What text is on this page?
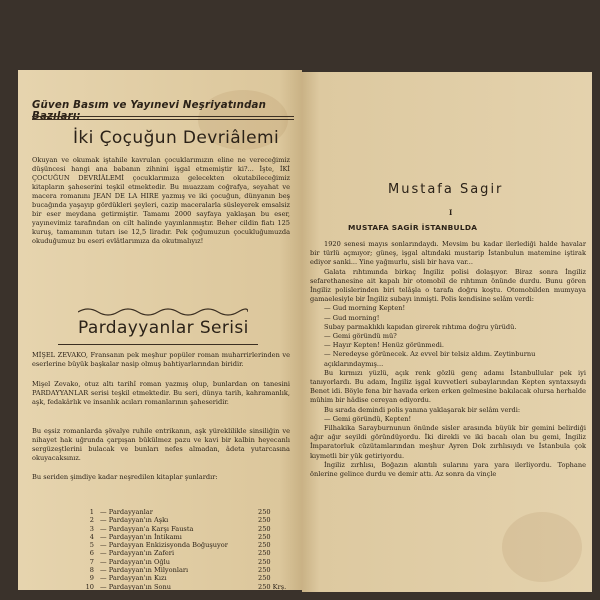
Güven Basım ve Yayınevi Neşriyatından Bazıları:
İki Çoçuğun Devriâlemi

Okuyan ve okumak iştahile kavrulan çocuklarımızın eline ne vereceğimiz düşüncesi hangi ana babanın zihnini işgal etmemiştir ki?... İşte, İKİ ÇOCUĞUN DEVRİÂLEMİ çocuklarımıza gelecekten okutabileceğimiz kitapların şaheserini teşkil etmektedir. Bu muazzam coğrafya, seyahat ve macera romanını JEAN DE LA HIRE yazmış ve iki çocuğun, dünyanın beş bucağında yaşayıp gördükleri şeyleri, cazip maceralarla süsleyerek emsalsiz bir eser meydana getirmiştir. Tamamı 2000 sayfaya yaklaşan bu eser, yayınevimiz tarafından on cilt halinde yayınlanmıştır. Beher cildin fiatı 125 kuruş, tamamının tutarı ise 12,5 liradır. Pek çoğumuzun çocukluğumuzda okuduğumuz bu eseri evlâtlarımıza da okutmalıyız!

Pardayyanlar Serisi

MİŞEL ZEVAKO, Fransanın pek meşhur popüler roman muharrirlerinden ve eserlerine büyük başkalar nasip olmuş bahtiyarlarından biridir.

Mişel Zevako, otuz altı tarihî roman yazmış olup, bunlardan on tanesini PARDAYYANLAR serisi teşkil etmektedir. Bu seri, dünya tarih, kahramanlık, aşk, fedakârlık ve insanlık acıları romanlarının şaheseridir.

Bu eşsiz romanlarda şövalye ruhile entrikanın, aşk yüreklilikle sinsiliğin ve nihayet hak uğrunda çarpışan bükülmez pazu ve kavi bir kalbin heyecanlı sergüzeştlerini bulacak ve bunları nefes almadan, âdeta yutarcasına okuyacaksınız.

Bu seriden şimdiye kadar neşredilen kitaplar şunlardır:

1 — Pardayyanlar	250
2 — Pardayyan'ın Aşkı	250
3 — Pardayyan'a Karşı Fausta	250
4 — Pardayyan'ın İntikamı	250
5 — Pardayyan Enkizisyonda Boğuşuyor	250
6 — Pardayyan'ın Zaferi	250
7 — Pardayyan'ın Oğlu	250
8 — Pardayyan'ın Milyonları	250
9 — Pardayyan'ın Kızı	250
10 — Pardayyan'ın Sonu	250 Krş.
Mustafa Sagir
I
MUSTAFA SAGİR İSTANBULDA

1920 senesi mayıs sonlarındaydı. Mevsim bu kadar ilerlediği halde havalar bir türlü açmıyor; güneş, işgal altındaki mustarip İstanbulun matemine iştirak ediyor sanki... Yine yağmurlu, sisli bir hava var...

Galata rıhtımında birkaç İngiliz polisi dolaşıyor. Biraz sonra İngiliz sefarethanesine ait kapalı bir otomobil de rıhtımın önünde durdu. Bunu gören İngiliz polislerinden biri telâşla o tarafa doğru koştu. Otomobilden mumyaya gamaelesiyle bir İngiliz subayı inmişti. Polis kendisine selâm verdi:

— Gud morning Kepten!

— Gud morning!

Subay parmaklıklı kapıdan girerek rıhtıma doğru yürüdü.

— Gemi göründü mü?

— Hayır Kepten! Henüz görünmedi.

— Neredeyse görünecek. Az evvel bir telsiz aldım. Zeytinburnu açıklarındaymış...

Bu kırmızı yüzlü, açık renk gözlü genç adamı İstanbullular pek iyi tanıyorlardı. Bu adam, İngiliz işgal kuvvetleri subaylarından Kepten syntaxsıydı Benet idi. Böyle fena bir havada erken erken gelmesine bakılacak olursa herhalde mühim bir hâdise cereyan ediyordu.

Bu sırada demindi polis yanına yaklaşarak bir selâm verdi:

— Gemi göründü, Kepten!

Filhakika Sarayburnunun önünde sisler arasında büyük bir gemini belirdiği ağır ağır seyildi göründüyordu. İki direkli ve iki bacalı olan bu gemi, İngiliz İmparatorluk cüzütamlarından meşhur Ayren Dok zırhlısıydı ve İstanbula çok kıymetli bir yük getiriyordu.

İngiliz zırhlısı, Boğazın akıntılı sularını yara yara ilerliyordu. Tophane önlerine gelince durdu ve demir attı. Az sonra da vinçle
